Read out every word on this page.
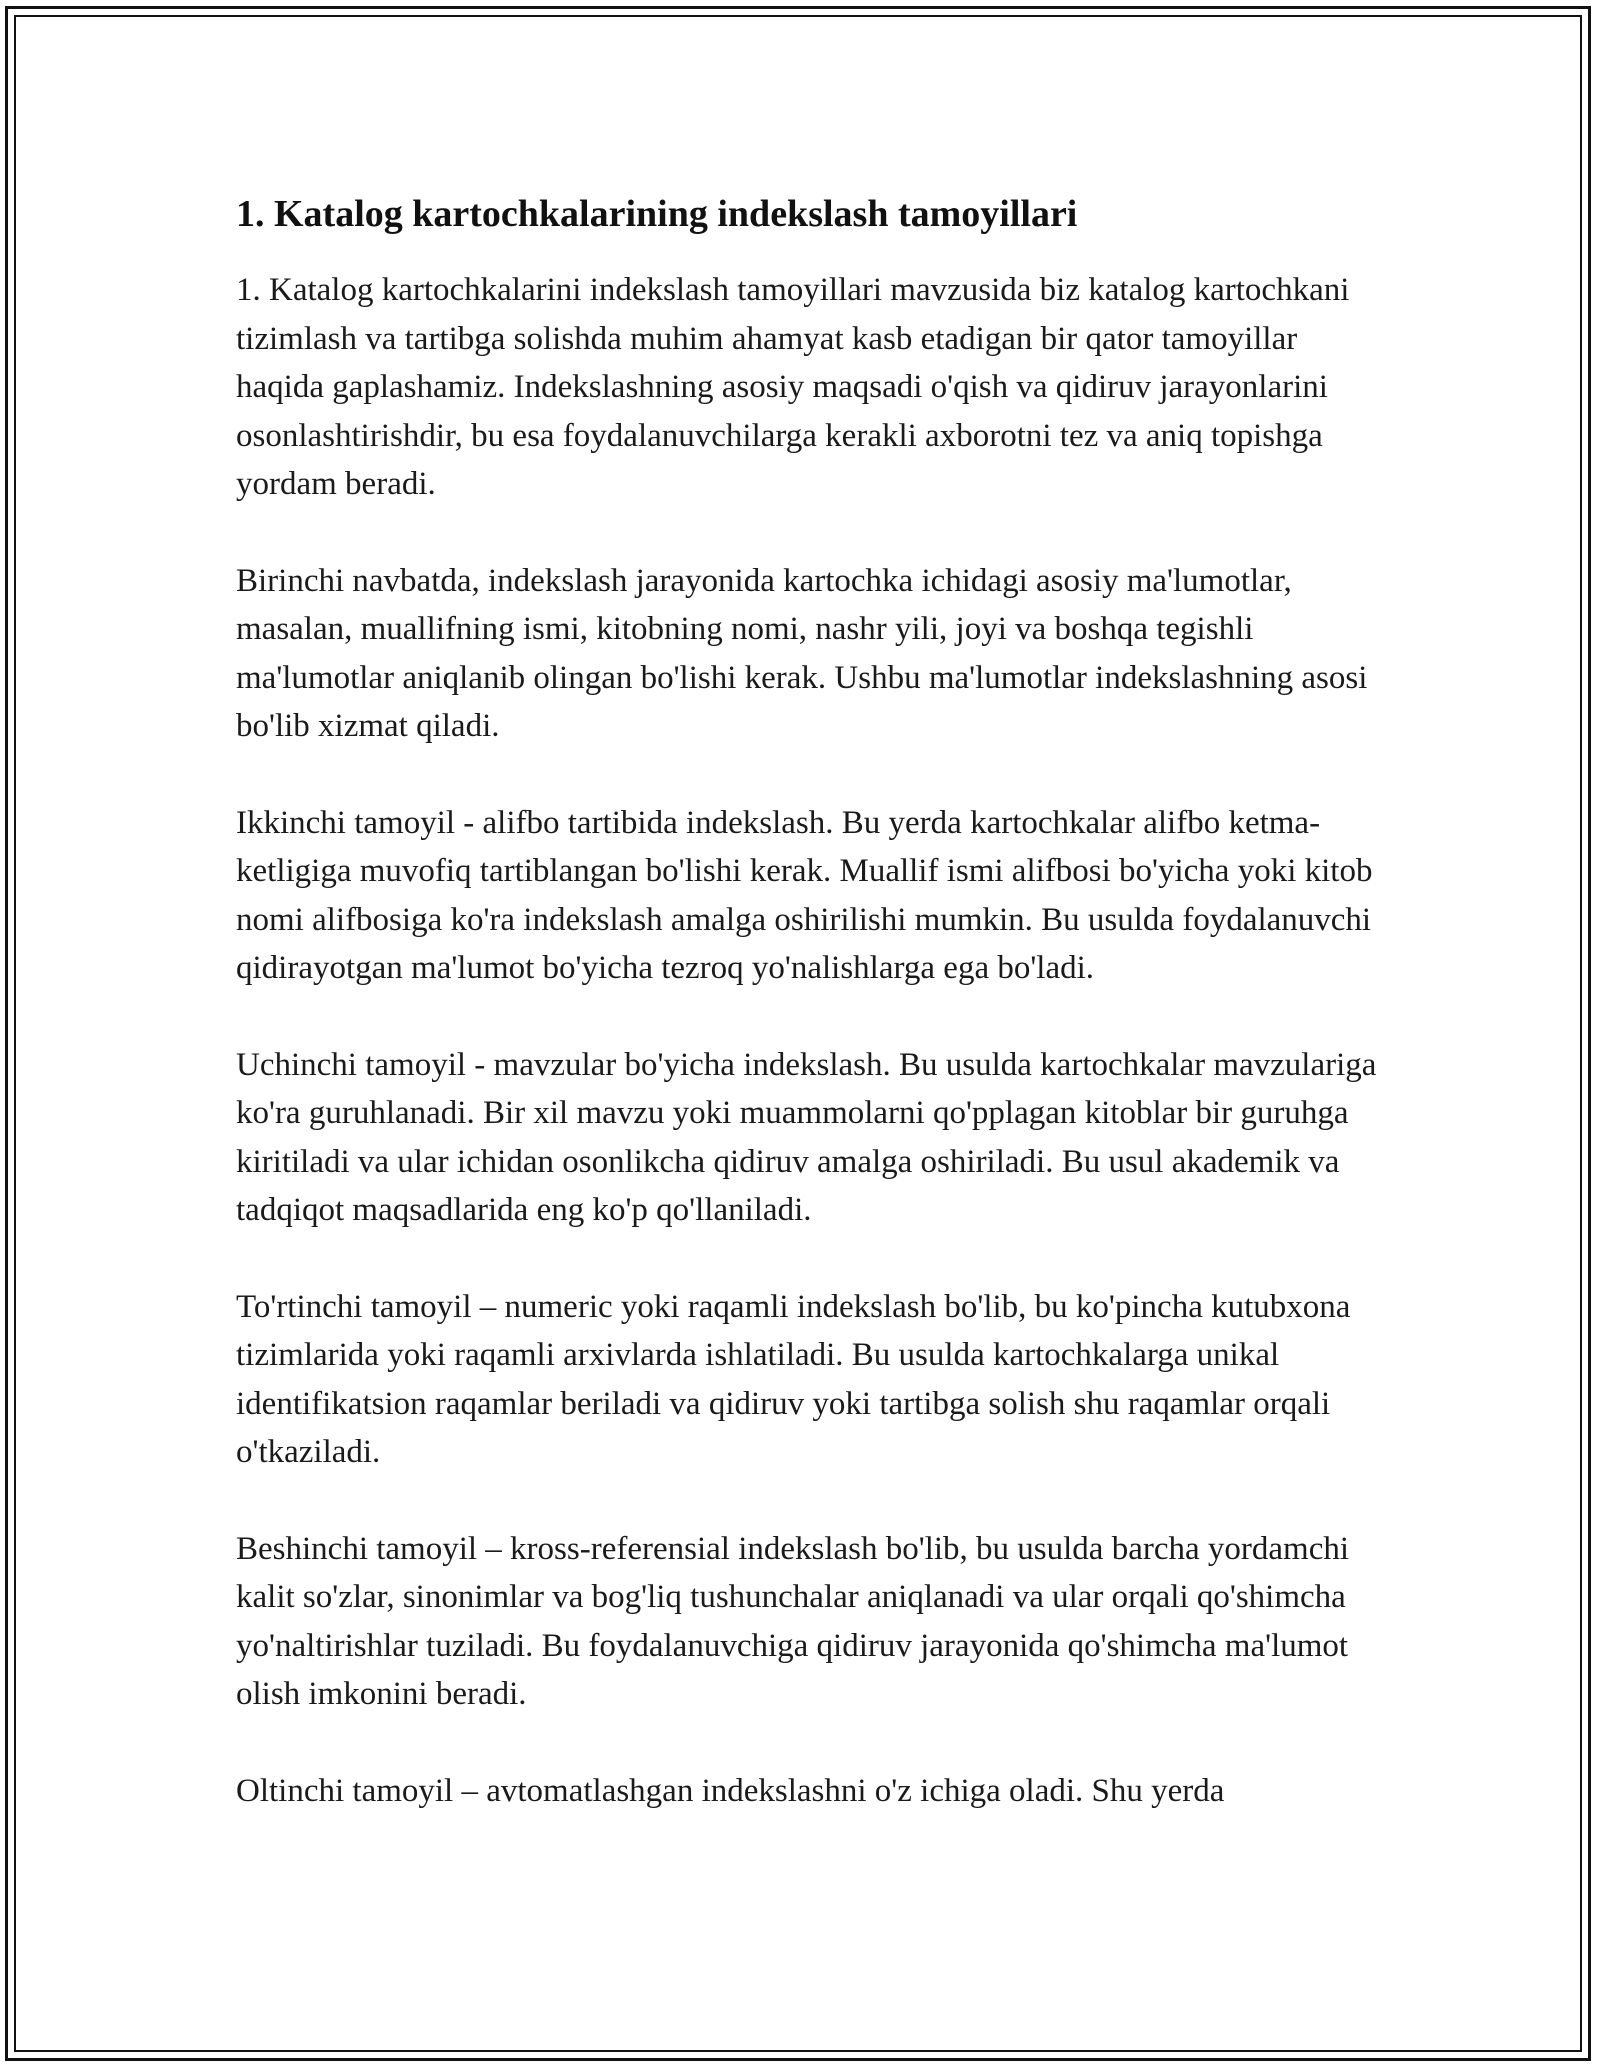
1. Katalog kartochkalarining indekslash tamoyillari

1. Katalog kartochkalarini indekslash tamoyillari mavzusida biz katalog kartochkani tizimlash va tartibga solishda muhim ahamyat kasb etadigan bir qator tamoyillar haqida gaplashamiz. Indekslashning asosiy maqsadi o'qish va qidiruv jarayonlarini osonlashtirishdir, bu esa foydalanuvchilarga kerakli axborotni tez va aniq topishga yordam beradi.

Birinchi navbatda, indekslash jarayonida kartochka ichidagi asosiy ma'lumotlar, masalan, muallifning ismi, kitobning nomi, nashr yili, joyi va boshqa tegishli ma'lumotlar aniqlanib olingan bo'lishi kerak. Ushbu ma'lumotlar indekslashning asosi bo'lib xizmat qiladi.

Ikkinchi tamoyil - alifbo tartibida indekslash. Bu yerda kartochkalar alifbo ketma-ketligiga muvofiq tartiblangan bo'lishi kerak. Muallif ismi alifbosi bo'yicha yoki kitob nomi alifbosiga ko'ra indekslash amalga oshirilishi mumkin. Bu usulda foydalanuvchi qidirayotgan ma'lumot bo'yicha tezroq yo'nalishlarga ega bo'ladi.

Uchinchi tamoyil - mavzular bo'yicha indekslash. Bu usulda kartochkalar mavzulariga ko'ra guruhlanadi. Bir xil mavzu yoki muammolarni qo'pplagan kitoblar bir guruhga kiritiladi va ular ichidan osonlikcha qidiruv amalga oshiriladi. Bu usul akademik va tadqiqot maqsadlarida eng ko'p qo'llaniladi.

To'rtinchi tamoyil – numeric yoki raqamli indekslash bo'lib, bu ko'pincha kutubxona tizimlarida yoki raqamli arxivlarda ishlatiladi. Bu usulda kartochkalarga unikal identifikatsion raqamlar beriladi va qidiruv yoki tartibga solish shu raqamlar orqali o'tkaziladi.

Beshinchi tamoyil – kross-referensial indekslash bo'lib, bu usulda barcha yordamchi kalit so'zlar, sinonimlar va bog'liq tushunchalar aniqlanadi va ular orqali qo'shimcha yo'naltirishlar tuziladi. Bu foydalanuvchiga qidiruv jarayonida qo'shimcha ma'lumot olish imkonini beradi.

Oltinchi tamoyil – avtomatlashgan indekslashni o'z ichiga oladi. Shu yerda
